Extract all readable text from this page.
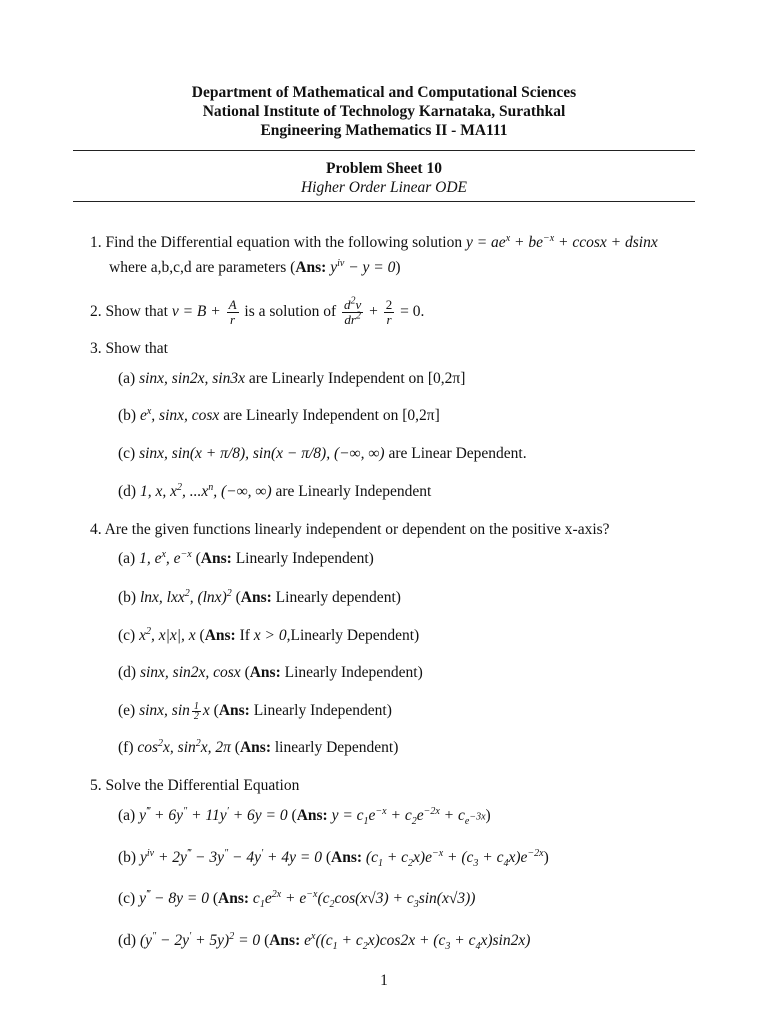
Department of Mathematical and Computational Sciences
National Institute of Technology Karnataka, Surathkal
Engineering Mathematics II - MA111
Problem Sheet 10
Higher Order Linear ODE
1. Find the Differential equation with the following solution $y = ae^x + be^{-x} + ccosx + dsinx$
where a,b,c,d are parameters (Ans: $y^{iv} - y = 0$)
2. Show that $v = B + \frac{A}{r}$ is a solution of $\frac{d^2v}{dr^2} + \frac{2}{r} = 0$.
3. Show that
(a) sinx, sin2x, sin3x are Linearly Independent on [0,2π]
(b) $e^x$, sinx, cosx are Linearly Independent on [0,2π]
(c) sinx, sin(x + π/8), sin(x − π/8), (−∞, ∞) are Linear Dependent.
(d) 1, x, $x^2$, $...x^n$, (−∞, ∞) are Linearly Independent
4. Are the given functions linearly independent or dependent on the positive x-axis?
(a) 1, $e^x$, $e^{-x}$ (Ans: Linearly Independent)
(b) lnx, lxx$^2$, $(\ln x)^2$ (Ans: Linearly dependent)
(c) $x^2$, x|x|, x (Ans: If x > 0,Linearly Dependent)
(d) sinx, sin2x, cosx (Ans: Linearly Independent)
(e) sinx, $\sin \frac{1}{2}$ x (Ans: Linearly Independent)
(f) $\cos^2x$, $\sin^2x$, 2π (Ans: linearly Dependent)
5. Solve the Differential Equation
(a) y‴ + 6y″ + 11y′ + 6y = 0 (Ans: $y = c_1e^{-x} + c_2e^{-2x} + c_{e^{-3x}}$)
(b) $y^{iv} + 2y^‴ - 3y'' - 4y' + 4y = 0$ (Ans: $(c_1 + c_2x)e^{-x} + (c_3 + c_4x)e^{-2x}$)
(c) y‴ − 8y = 0 (Ans: $c_1e^{2x} + e^{-x}(c_2\cos(x√3) + c_3\sin(x√3))$
(d) $(y'' - 2y' + 5y)^2 = 0$ (Ans: $e^x((c_1 + c_2x)\cos 2x + (c_3 + c_4x)\sin 2x)$
1
